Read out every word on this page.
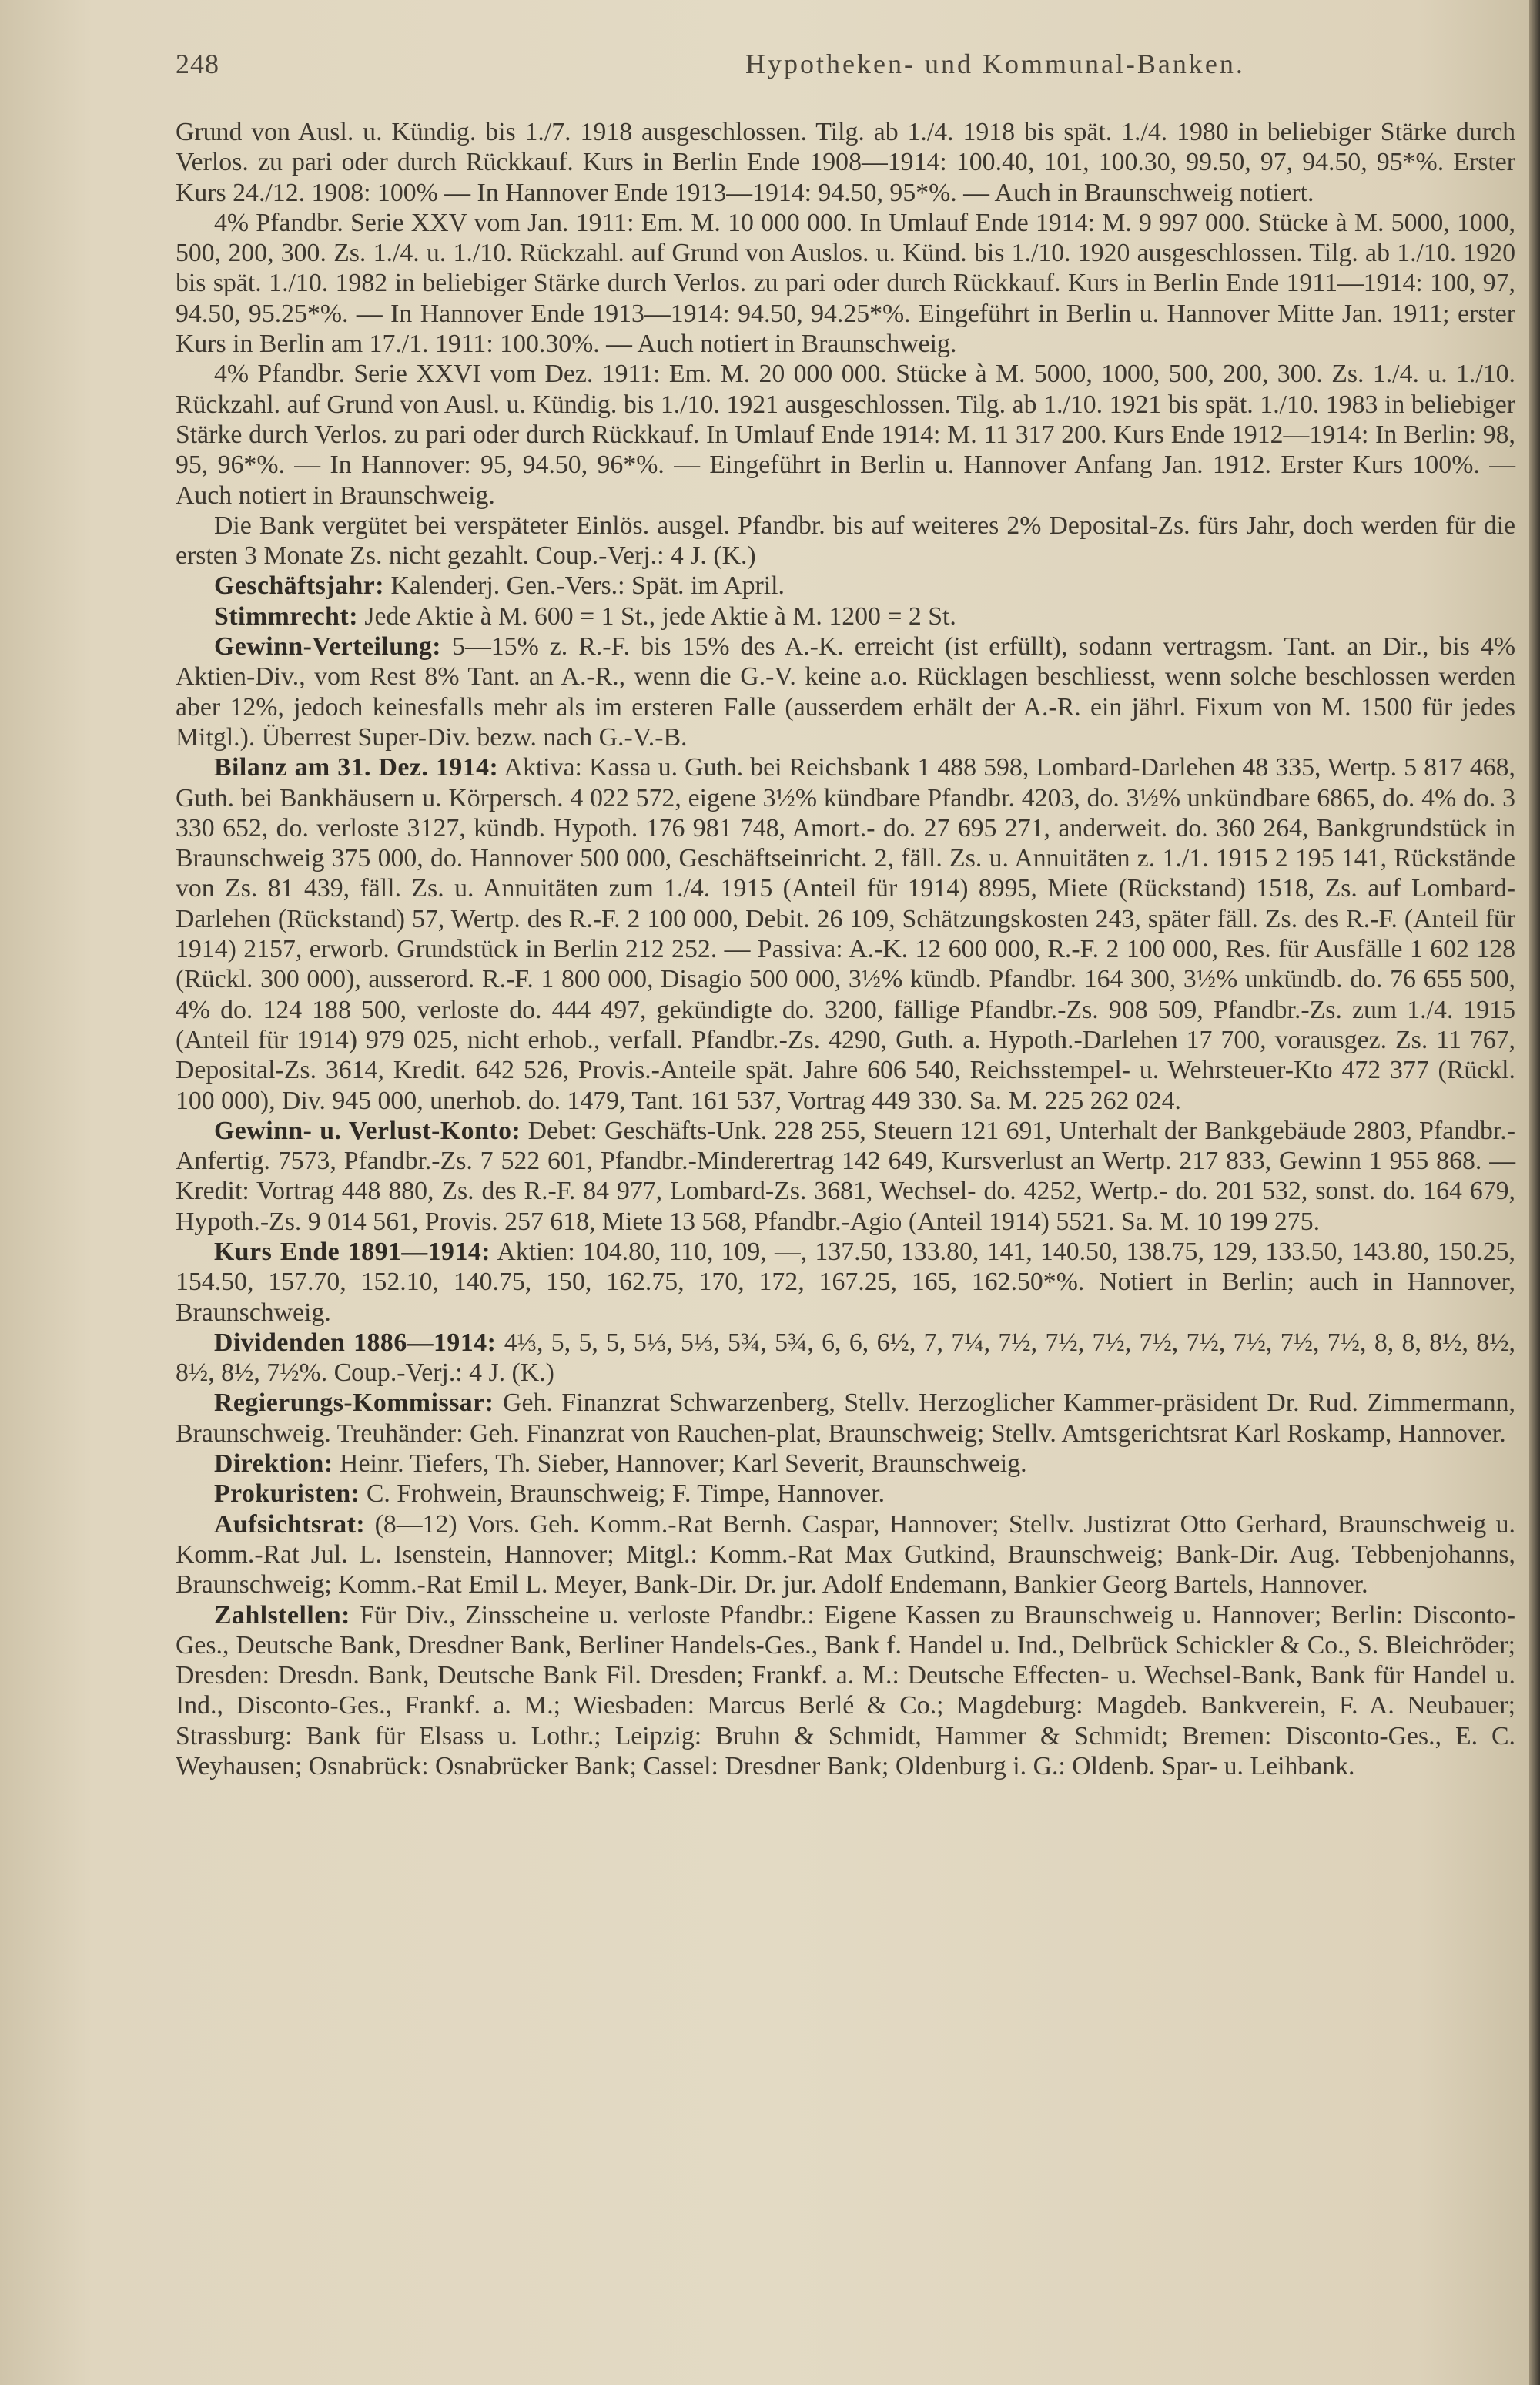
248	Hypotheken- und Kommunal-Banken.

Grund von Ausl. u. Kündig. bis 1./7. 1918 ausgeschlossen. Tilg. ab 1./4. 1918 bis spät. 1./4. 1980 in beliebiger Stärke durch Verlos. zu pari oder durch Rückkauf. Kurs in Berlin Ende 1908—1914: 100.40, 101, 100.30, 99.50, 97, 94.50, 95*%. Erster Kurs 24./12. 1908: 100% — In Hannover Ende 1913—1914: 94.50, 95*%. — Auch in Braunschweig notiert.

4% Pfandbr. Serie XXV vom Jan. 1911: Em. M. 10 000 000. In Umlauf Ende 1914: M. 9 997 000. Stücke à M. 5000, 1000, 500, 200, 300. Zs. 1./4. u. 1./10. Rückzahl. auf Grund von Auslos. u. Künd. bis 1./10. 1920 ausgeschlossen. Tilg. ab 1./10. 1920 bis spät. 1./10. 1982 in beliebiger Stärke durch Verlos. zu pari oder durch Rückkauf. Kurs in Berlin Ende 1911—1914: 100, 97, 94.50, 95.25*%. — In Hannover Ende 1913—1914: 94.50, 94.25*%. Eingeführt in Berlin u. Hannover Mitte Jan. 1911; erster Kurs in Berlin am 17./1. 1911: 100.30%. — Auch notiert in Braunschweig.

4% Pfandbr. Serie XXVI vom Dez. 1911: Em. M. 20 000 000. Stücke à M. 5000, 1000, 500, 200, 300. Zs. 1./4. u. 1./10. Rückzahl. auf Grund von Ausl. u. Kündig. bis 1./10. 1921 ausgeschlossen. Tilg. ab 1./10. 1921 bis spät. 1./10. 1983 in beliebiger Stärke durch Verlos. zu pari oder durch Rückkauf. In Umlauf Ende 1914: M. 11 317 200. Kurs Ende 1912—1914: In Berlin: 98, 95, 96*%. — In Hannover: 95, 94.50, 96*%. — Eingeführt in Berlin u. Hannover Anfang Jan. 1912. Erster Kurs 100%. — Auch notiert in Braunschweig.

Die Bank vergütet bei verspäteter Einlös. ausgel. Pfandbr. bis auf weiteres 2% Deposital-Zs. fürs Jahr, doch werden für die ersten 3 Monate Zs. nicht gezahlt. Coup.-Verj.: 4 J. (K.)

Geschäftsjahr: Kalenderj. Gen.-Vers.: Spät. im April.

Stimmrecht: Jede Aktie à M. 600 = 1 St., jede Aktie à M. 1200 = 2 St.

Gewinn-Verteilung: 5—15% z. R.-F. bis 15% des A.-K. erreicht (ist erfüllt), sodann vertragsm. Tant. an Dir., bis 4% Aktien-Div., vom Rest 8% Tant. an A.-R., wenn die G.-V. keine a.o. Rücklagen beschliesst, wenn solche beschlossen werden aber 12%, jedoch keinesfalls mehr als im ersteren Falle (ausserdem erhält der A.-R. ein jährl. Fixum von M. 1500 für jedes Mitgl.). Überrest Super-Div. bezw. nach G.-V.-B.

Bilanz am 31. Dez. 1914: Aktiva: Kassa u. Guth. bei Reichsbank 1 488 598, Lombard-Darlehen 48 335, Wertp. 5 817 468, Guth. bei Bankhäusern u. Körpersch. 4 022 572, eigene 3½% kündbare Pfandbr. 4203, do. 3½% unkündbare 6865, do. 4% do. 3 330 652, do. verloste 3127, kündb. Hypoth. 176 981 748, Amort.- do. 27 695 271, anderweit. do. 360 264, Bankgrundstück in Braunschweig 375 000, do. Hannover 500 000, Geschäftseinricht. 2, fäll. Zs. u. Annuitäten z. 1./1. 1915 2 195 141, Rückstände von Zs. 81 439, fäll. Zs. u. Annuitäten zum 1./4. 1915 (Anteil für 1914) 8995, Miete (Rückstand) 1518, Zs. auf Lombard-Darlehen (Rückstand) 57, Wertp. des R.-F. 2 100 000, Debit. 26 109, Schätzungskosten 243, später fäll. Zs. des R.-F. (Anteil für 1914) 2157, erworb. Grundstück in Berlin 212 252. — Passiva: A.-K. 12 600 000, R.-F. 2 100 000, Res. für Ausfälle 1 602 128 (Rückl. 300 000), ausserord. R.-F. 1 800 000, Disagio 500 000, 3½% kündb. Pfandbr. 164 300, 3½% unkündb. do. 76 655 500, 4% do. 124 188 500, verloste do. 444 497, gekündigte do. 3200, fällige Pfandbr.-Zs. 908 509, Pfandbr.-Zs. zum 1./4. 1915 (Anteil für 1914) 979 025, nicht erhob., verfall. Pfandbr.-Zs. 4290, Guth. a. Hypoth.-Darlehen 17 700, vorausgez. Zs. 11 767, Deposital-Zs. 3614, Kredit. 642 526, Provis.-Anteile spät. Jahre 606 540, Reichsstempel- u. Wehrsteuer-Kto 472 377 (Rückl. 100 000), Div. 945 000, unerhob. do. 1479, Tant. 161 537, Vortrag 449 330. Sa. M. 225 262 024.

Gewinn- u. Verlust-Konto: Debet: Geschäfts-Unk. 228 255, Steuern 121 691, Unterhalt der Bankgebäude 2803, Pfandbr.-Anfertig. 7573, Pfandbr.-Zs. 7 522 601, Pfandbr.-Minderertrag 142 649, Kursverlust an Wertp. 217 833, Gewinn 1 955 868. — Kredit: Vortrag 448 880, Zs. des R.-F. 84 977, Lombard-Zs. 3681, Wechsel- do. 4252, Wertp.- do. 201 532, sonst. do. 164 679, Hypoth.-Zs. 9 014 561, Provis. 257 618, Miete 13 568, Pfandbr.-Agio (Anteil 1914) 5521. Sa. M. 10 199 275.

Kurs Ende 1891—1914: Aktien: 104.80, 110, 109, —, 137.50, 133.80, 141, 140.50, 138.75, 129, 133.50, 143.80, 150.25, 154.50, 157.70, 152.10, 140.75, 150, 162.75, 170, 172, 167.25, 165, 162.50*%. Notiert in Berlin; auch in Hannover, Braunschweig.

Dividenden 1886—1914: 4⅓, 5, 5, 5, 5⅓, 5⅓, 5¾, 5¾, 6, 6, 6½, 7, 7¼, 7½, 7½, 7½, 7½, 7½, 7½, 7½, 7½, 8, 8, 8½, 8½, 8½, 8½, 7½%. Coup.-Verj.: 4 J. (K.)

Regierungs-Kommissar: Geh. Finanzrat Schwarzenberg, Stellv. Herzoglicher Kammer-präsident Dr. Rud. Zimmermann, Braunschweig. Treuhänder: Geh. Finanzrat von Rauchen-plat, Braunschweig; Stellv. Amtsgerichtsrat Karl Roskamp, Hannover.

Direktion: Heinr. Tiefers, Th. Sieber, Hannover; Karl Severit, Braunschweig.

Prokuristen: C. Frohwein, Braunschweig; F. Timpe, Hannover.

Aufsichtsrat: (8—12) Vors. Geh. Komm.-Rat Bernh. Caspar, Hannover; Stellv. Justizrat Otto Gerhard, Braunschweig u. Komm.-Rat Jul. L. Isenstein, Hannover; Mitgl.: Komm.-Rat Max Gutkind, Braunschweig; Bank-Dir. Aug. Tebbenjohanns, Braunschweig; Komm.-Rat Emil L. Meyer, Bank-Dir. Dr. jur. Adolf Endemann, Bankier Georg Bartels, Hannover.

Zahlstellen: Für Div., Zinsscheine u. verloste Pfandbr.: Eigene Kassen zu Braunschweig u. Hannover; Berlin: Disconto-Ges., Deutsche Bank, Dresdner Bank, Berliner Handels-Ges., Bank f. Handel u. Ind., Delbrück Schickler & Co., S. Bleichröder; Dresden: Dresdn. Bank, Deutsche Bank Fil. Dresden; Frankf. a. M.: Deutsche Effecten- u. Wechsel-Bank, Bank für Handel u. Ind., Disconto-Ges., Frankf. a. M.; Wiesbaden: Marcus Berlé & Co.; Magdeburg: Magdeb. Bankverein, F. A. Neubauer; Strassburg: Bank für Elsass u. Lothr.; Leipzig: Bruhn & Schmidt, Hammer & Schmidt; Bremen: Disconto-Ges., E. C. Weyhausen; Osnabrück: Osnabrücker Bank; Cassel: Dresdner Bank; Oldenburg i. G.: Oldenb. Spar- u. Leihbank.
